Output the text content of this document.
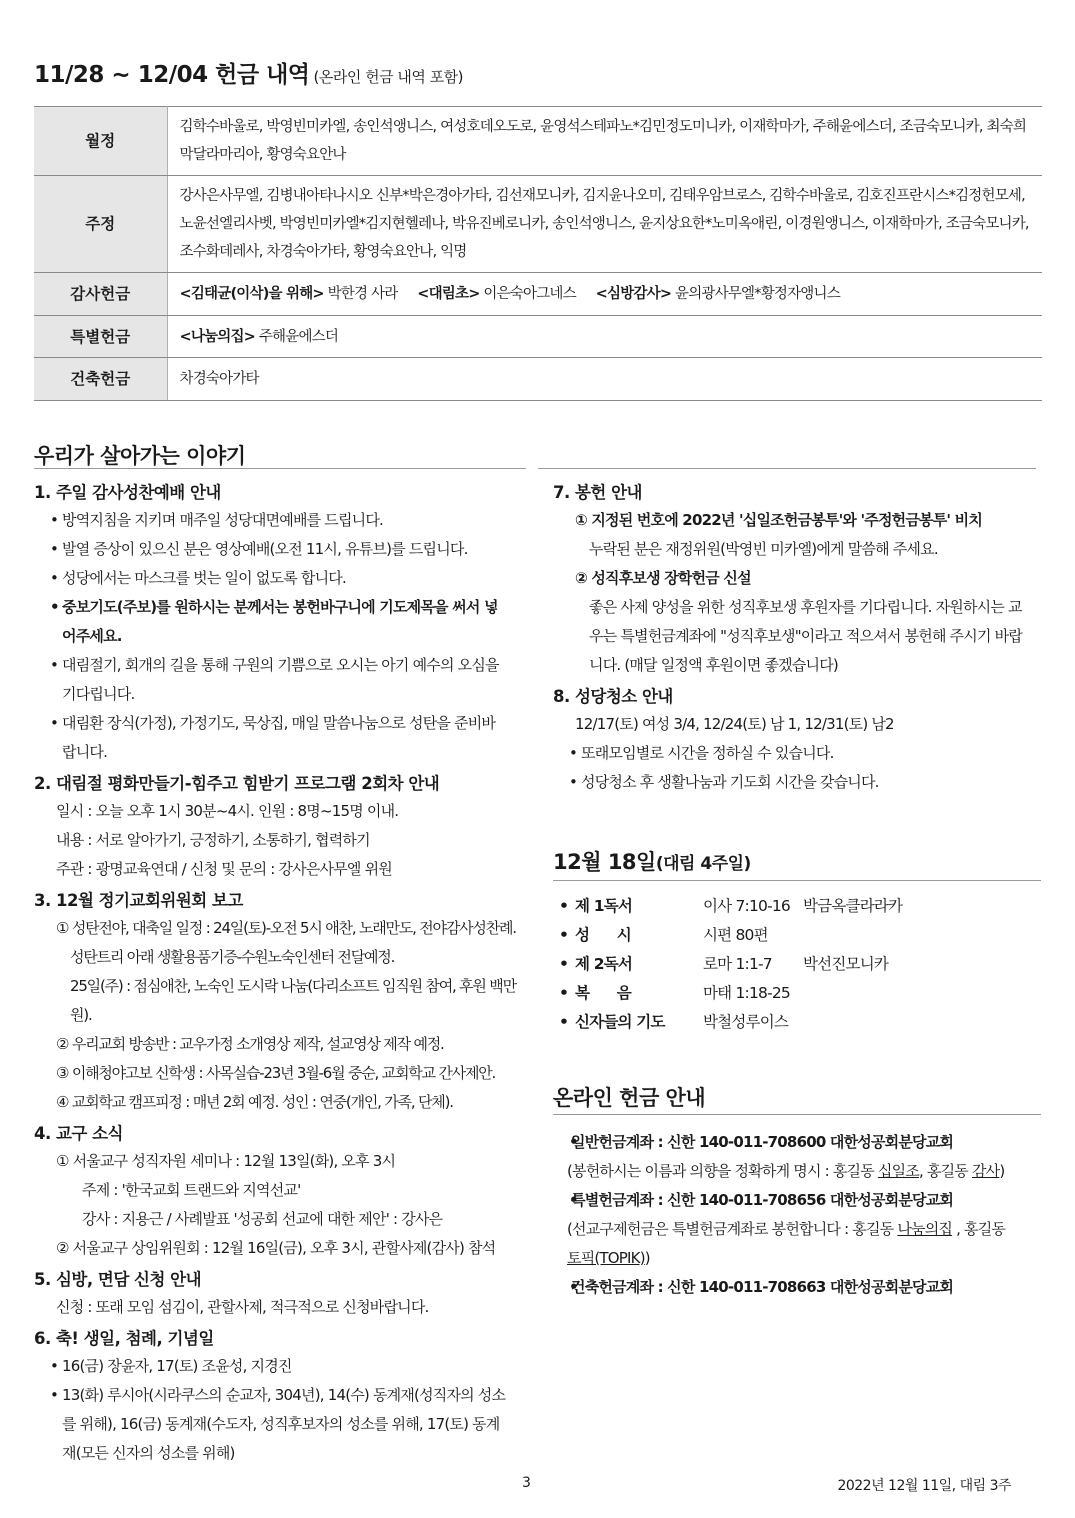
11/28 ~ 12/04 헌금 내역 (온라인 헌금 내역 포함)
월정	김학수바울로, 박영빈미카엘, 송인석앵니스, 여성호데오도로, 윤영석스테파노*김민정도미니카, 이재학마가, 주해윤에스더, 조금숙모니카, 최숙희막달라마리아, 황영숙요안나
주정	강사은사무엘, 김병내아타나시오 신부*박은경아가타, 김선재모니카, 김지윤나오미, 김태우암브로스, 김학수바울로, 김호진프란시스*김정헌모세, 노윤선엘리사벳, 박영빈미카엘*김지현헬레나, 박유진베로니카, 송인석앵니스, 윤지상요한*노미옥애린, 이경원앵니스, 이재학마가, 조금숙모니카, 조수화데레사, 차경숙아가타, 황영숙요안나, 익명
감사헌금	<김태균(이삭)을 위해> 박한경 사라 <대림초> 이은숙아그네스 <심방감사> 윤의광사무엘*황정자앵니스
특별헌금	<나눔의집> 주해윤에스더
건축헌금	차경숙아가타
우리가 살아가는 이야기
1. 주일 감사성찬예배 안내
• 방역지침을 지키며 매주일 성당대면예배를 드립니다.
• 발열 증상이 있으신 분은 영상예배(오전 11시, 유튜브)를 드립니다.
• 성당에서는 마스크를 벗는 일이 없도록 합니다.
• 중보기도(주보)를 원하시는 분께서는 봉헌바구니에 기도제목을 써서 넣
어주세요.
• 대림절기, 회개의 길을 통해 구원의 기쁨으로 오시는 아기 예수의 오심을
기다립니다.
• 대림환 장식(가정), 가정기도, 묵상집, 매일 말씀나눔으로 성탄을 준비바
랍니다.
2. 대림절 평화만들기-힘주고 힘받기 프로그램 2회차 안내
일시 : 오늘 오후 1시 30분~4시. 인원 : 8명~15명 이내.
내용 : 서로 알아가기, 긍정하기, 소통하기, 협력하기
주관 : 광명교육연대 / 신청 및 문의 : 강사은사무엘 위원
3. 12월 정기교회위원회 보고
① 성탄전야, 대축일 일정 : 24일(토)-오전 5시 애찬, 노래만도, 전야감사성찬례.
성탄트리 아래 생활용품기증-수원노숙인센터 전달예정.
25일(주) : 점심애찬, 노숙인 도시락 나눔(다리소프트 임직원 참여, 후원 백만원).
② 우리교회 방송반 : 교우가정 소개영상 제작, 설교영상 제작 예정.
③ 이해청야고보 신학생 : 사목실습-23년 3월-6월 중순, 교회학교 간사제안.
④ 교회학교 캠프피정 : 매년 2회 예정. 성인 : 연중(개인, 가족, 단체).
4. 교구 소식
① 서울교구 성직자원 세미나 : 12월 13일(화), 오후 3시
주제 : '한국교회 트랜드와 지역선교'
강사 : 지용근 / 사례발표 '성공회 선교에 대한 제안' : 강사은
② 서울교구 상임위원회 : 12월 16일(금), 오후 3시, 관할사제(감사) 참석
5. 심방, 면담 신청 안내
신청 : 또래 모임 섬김이, 관할사제, 적극적으로 신청바랍니다.
6. 축! 생일, 첨례, 기념일
• 16(금) 장윤자, 17(토) 조윤성, 지경진
• 13(화) 루시아(시라쿠스의 순교자, 304년), 14(수) 동계재(성직자의 성소
를 위해), 16(금) 동계재(수도자, 성직후보자의 성소를 위해, 17(토) 동계
재(모든 신자의 성소를 위해)
7. 봉헌 안내
① 지정된 번호에 2022년 '십일조헌금봉투'와 '주정헌금봉투' 비치
누락된 분은 재정위원(박영빈 미카엘)에게 말씀해 주세요.
② 성직후보생 장학헌금 신설
좋은 사제 양성을 위한 성직후보생 후원자를 기다립니다. 자원하시는 교
우는 특별헌금계좌에 "성직후보생"이라고 적으셔서 봉헌해 주시기 바랍
니다. (매달 일정액 후원이면 좋겠습니다)
8. 성당청소 안내
12/17(토) 여성 3/4, 12/24(토) 남 1, 12/31(토) 남2
• 또래모임별로 시간을 정하실 수 있습니다.
• 성당청소 후 생활나눔과 기도회 시간을 갖습니다.
12월 18일(대림 4주일)
• 제 1독서	이사 7:10-16 박금옥클라라카
• 성      시	시편 80편
• 제 2독서	로마 1:1-7	박선진모니카
• 복      음	마태 1:18-25
• 신자들의 기도	박철성루이스
온라인 헌금 안내
• 일반헌금계좌 : 신한 140-011-708600 대한성공회분당교회
(봉헌하시는 이름과 의향을 정확하게 명시 : 홍길동 십일조, 홍길동 감사)
• 특별헌금계좌 : 신한 140-011-708656 대한성공회분당교회
(선교구제헌금은 특별헌금계좌로 봉헌합니다 : 홍길동 나눔의집 , 홍길동
토픽(TOPIK))
• 건축헌금계좌 : 신한 140-011-708663 대한성공회분당교회
3	2022년 12월 11일, 대림 3주
